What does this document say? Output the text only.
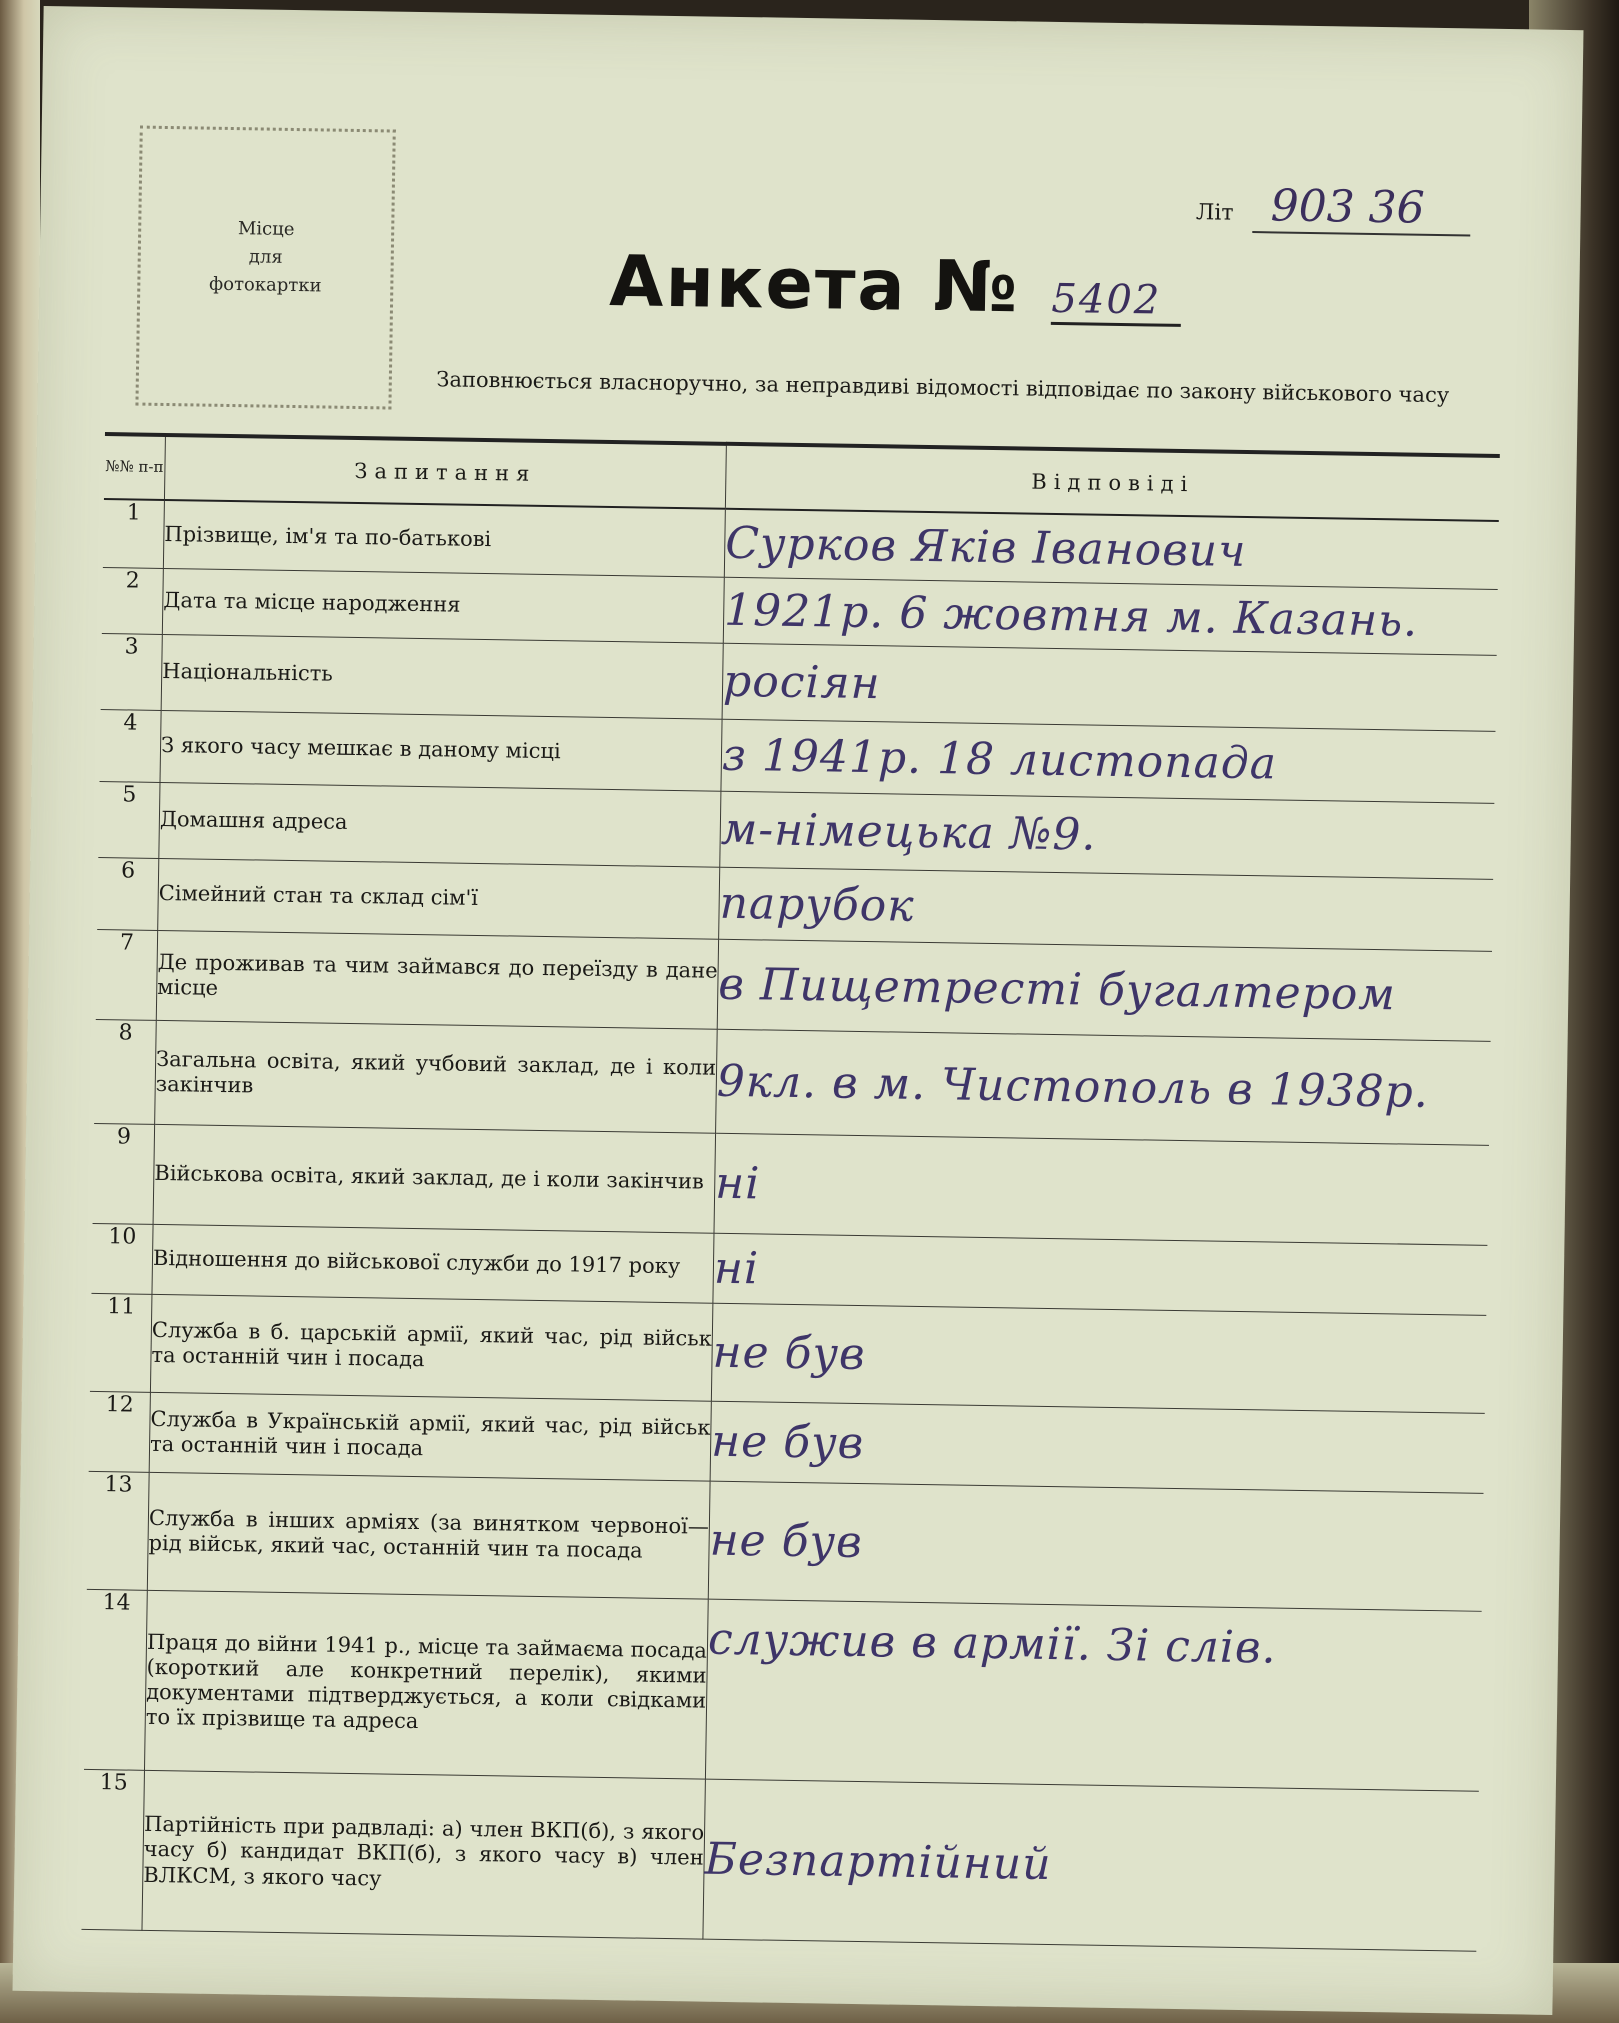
Місце
для
фотокартки
Літ 903 36
Анкета № 5402
Заповнюється власноручно, за неправдиві відомості відповідає по закону військового часу
№№ п-п	Запитання	Відповіді
1	Прізвище, ім'я та по-батькові	Сурков Яків Іванович
2	Дата та місце народження	1921р. 6 жовтня м. Казань.
3	Національність	росіян
4	З якого часу мешкає в даному місці	з 1941р. 18 листопада
5	Домашня адреса	м-німецька №9.
6	Сімейний стан та склад сім'ї	парубок
7	Де проживав та чим займався до переїзду в дане місце	в Пищетресті бугалтером
8	Загальна освіта, який учбовий заклад, де і коли закінчив	9кл. в м. Чистополь в 1938р.
9	Військова освіта, який заклад, де і коли закінчив	ні
10	Відношення до військової служби до 1917 року	ні
11	Служба в б. царській армії, який час, рід військ та останній чин і посада	не був
12	Служба в Українській армії, який час, рід військ та останній чин і посада	не був
13	Служба в інших арміях (за винятком червоної—рід військ, який час, останній чин та посада	не був
14	Праця до війни 1941 р., місце та займаєма посада (короткий але конкретний перелік), якими документами підтверджується, а коли свідками то їх прізвище та адреса	служив в армії. Зі слів.
15	Партійність при радвладі: а) член ВКП(б), з якого часу б) кандидат ВКП(б), з якого часу в) член ВЛКСМ, з якого часу	Безпартійний
